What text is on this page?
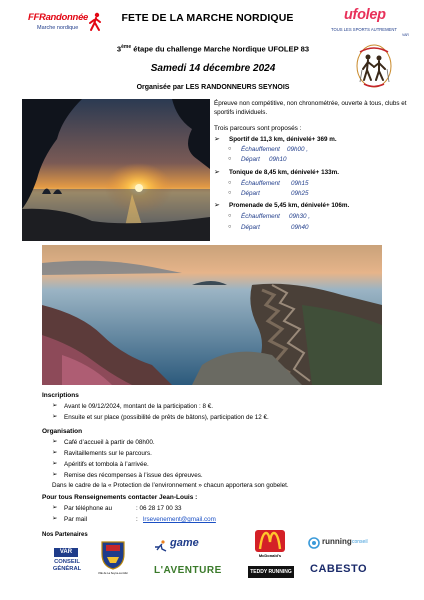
FFRandonnée
Marche nordique
FETE DE LA MARCHE NORDIQUE
3ème étape du challenge Marche Nordique UFOLEP 83
Samedi 14 décembre 2024
Organisée par LES RANDONNEURS SEYNOIS
ufolep
TOUS LES SPORTS AUTREMENT
VAR
Épreuve non compétitive, non chronométrée, ouverte à tous, clubs et sportifs individuels.
Trois parcours sont proposés :
➢ Sportif de 11,3 km, dénivelé+ 369 m.
○ Échauffement 09h00 ,
○ Départ 09h10
➢ Tonique de 8,45 km, dénivelé+ 133m.
○ Échauffement 09h15
○ Départ	09h25
➢ Promenade de 5,45 km, dénivelé+ 106m.
○ Échauffement 09h30 ,
○ Départ	09h40
Inscriptions
➢ Avant le 09/12/2024, montant de la participation : 8 €.
➢ Ensuite et sur place (possibilité de prêts de bâtons), participation de 12 €.
Organisation
➢ Café d’accueil à partir de 08h00.
➢ Ravitaillements sur le parcours.
➢ Apéritifs et tombola à l’arrivée.
➢ Remise des récompenses à l’issue des épreuves.
Dans le cadre de la « Protection de l’environnement » chacun apportera son gobelet.
Pour tous Renseignements contacter Jean-Louis :
➢ Par téléphone au	: 06 28 17 00 33
➢ Par mail	: lrsevenement@gmail.com
Nos Partenaires
VAR
CONSEIL GÉNÉRAL
Ville de La Seyne-sur-Mer
game
L'AVENTURE
McDonald's
TEDDY RUNNING
running conseil
CABESTO
